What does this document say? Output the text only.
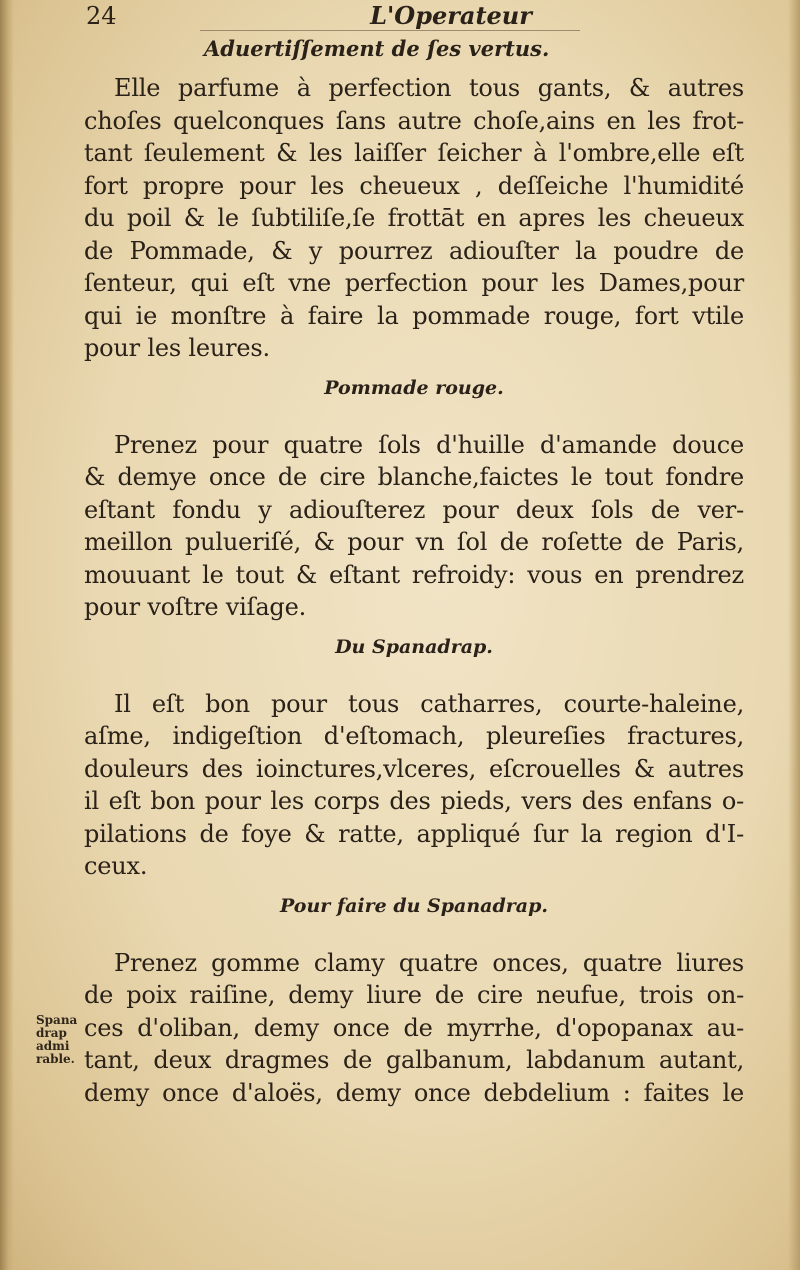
24	L'Operateur
Aduertiſſement de ſes vertus.

Elle parfume à perfection tous gants, & autres
choſes quelconques ſans autre choſe,ains en les frot-
tant ſeulement & les laiſſer ſeicher à l'ombre,elle eſt
fort propre pour les cheueux , deſſeiche l'humidité
du poil & le ſubtiliſe,ſe frottāt en apres les cheueux
de Pommade, & y pourrez adiouſter la poudre de
ſenteur, qui eſt vne perfection pour les Dames,pour
qui ie monſtre à faire la pommade rouge, fort vtile
pour les leures.

Pommade rouge.

Prenez pour quatre ſols d'huille d'amande douce
& demye once de cire blanche,faictes le tout fondre
eſtant fondu y adiouſterez pour deux ſols de ver-
meillon pulueriſé, & pour vn ſol de roſette de Paris,
mouuant le tout & eſtant refroidy: vous en prendrez
pour voſtre viſage.

Du Spanadrap.

Il eſt bon pour tous catharres, courte-haleine,
aſme, indigeſtion d'eſtomach, pleureſies fractures,
douleurs des ioinctures,vlceres, eſcrouelles & autres
il eſt bon pour les corps des pieds, vers des enfans o-
pilations de foye & ratte, appliqué ſur la region d'I-
ceux.

Pour faire du Spanadrap.

Prenez gomme clamy quatre onces, quatre liures
de poix raiſine, demy liure de cire neufue, trois on-
ces d'oliban, demy once de myrrhe, d'opopanax au-
tant, deux dragmes de galbanum, labdanum autant,
demy once d'aloës, demy once debdelium : faites le

Spana
drap
admi
rable.
